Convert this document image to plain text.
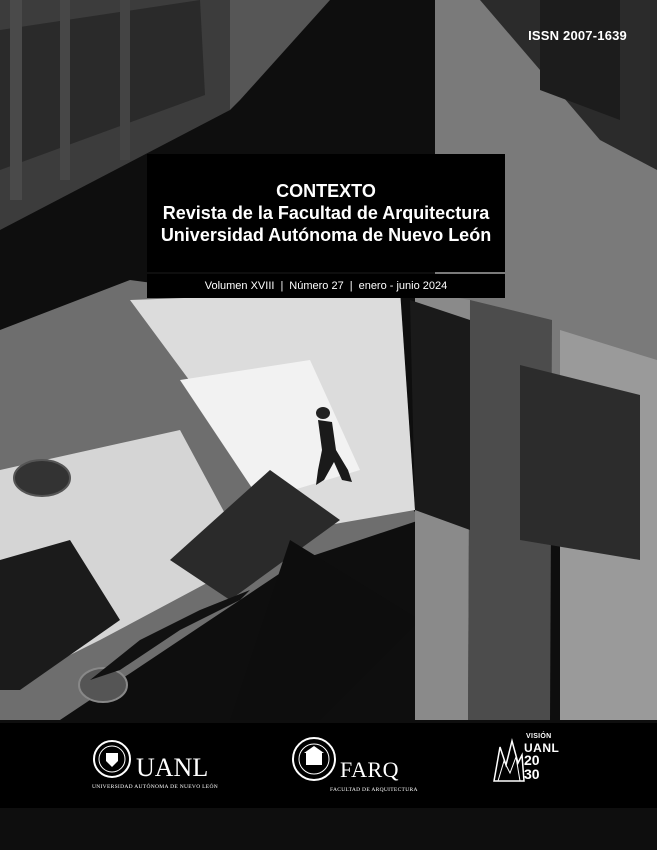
ISSN 2007-1639
CONTEXTO
Revista de la Facultad de Arquitectura
Universidad Autónoma de Nuevo León
Volumen XVIII | Número 27 | enero - junio 2024
UANL
UNIVERSIDAD AUTÓNOMA DE NUEVO LEÓN
FARQ
FACULTAD DE ARQUITECTURA
VISIÓN
UANL
20
30
